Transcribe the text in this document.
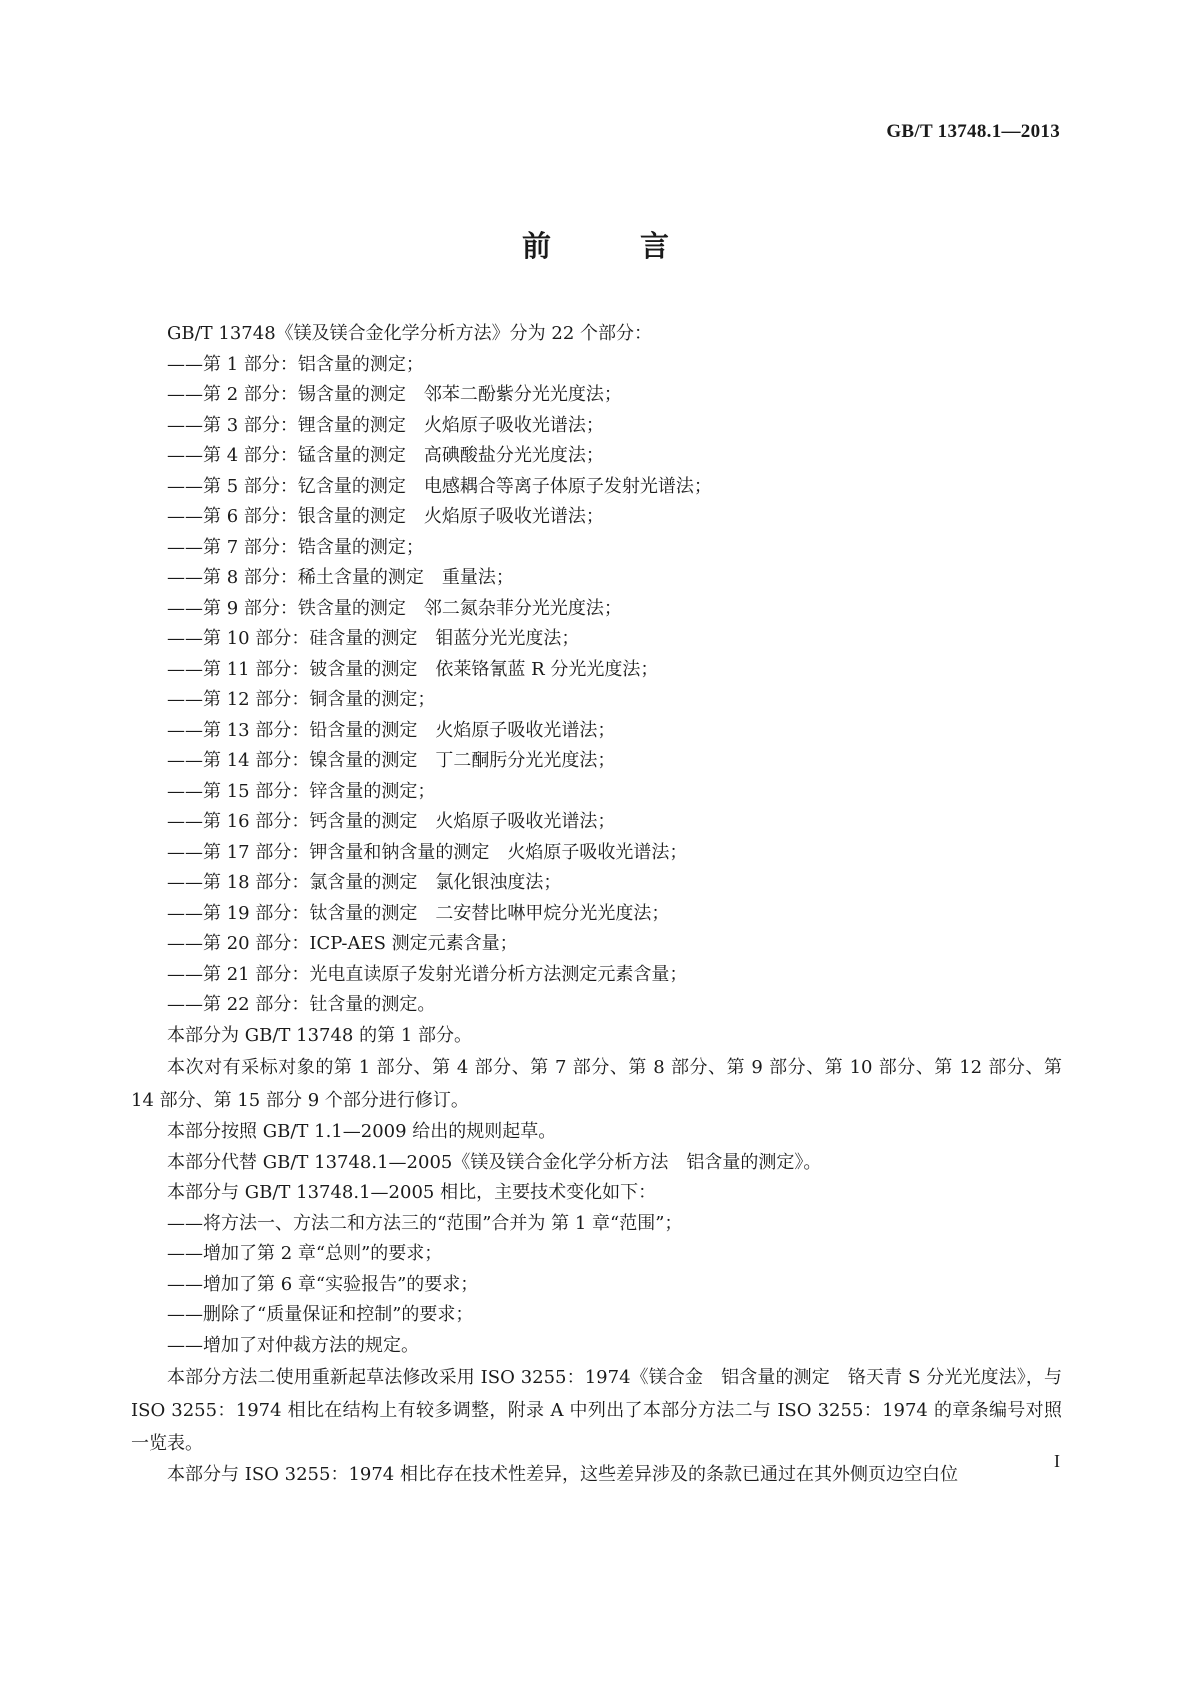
GB/T 13748.1—2013
前　言

GB/T 13748《镁及镁合金化学分析方法》分为 22 个部分：

——第 1 部分：铝含量的测定；

——第 2 部分：锡含量的测定　邻苯二酚紫分光光度法；

——第 3 部分：锂含量的测定　火焰原子吸收光谱法；

——第 4 部分：锰含量的测定　高碘酸盐分光光度法；

——第 5 部分：钇含量的测定　电感耦合等离子体原子发射光谱法；

——第 6 部分：银含量的测定　火焰原子吸收光谱法；

——第 7 部分：锆含量的测定；

——第 8 部分：稀土含量的测定　重量法；

——第 9 部分：铁含量的测定　邻二氮杂菲分光光度法；

——第 10 部分：硅含量的测定　钼蓝分光光度法；

——第 11 部分：铍含量的测定　依莱铬氰蓝 R 分光光度法；

——第 12 部分：铜含量的测定；

——第 13 部分：铅含量的测定　火焰原子吸收光谱法；

——第 14 部分：镍含量的测定　丁二酮肟分光光度法；

——第 15 部分：锌含量的测定；

——第 16 部分：钙含量的测定　火焰原子吸收光谱法；

——第 17 部分：钾含量和钠含量的测定　火焰原子吸收光谱法；

——第 18 部分：氯含量的测定　氯化银浊度法；

——第 19 部分：钛含量的测定　二安替比啉甲烷分光光度法；

——第 20 部分：ICP-AES 测定元素含量；

——第 21 部分：光电直读原子发射光谱分析方法测定元素含量；

——第 22 部分：钍含量的测定。

本部分为 GB/T 13748 的第 1 部分。

本次对有采标对象的第 1 部分、第 4 部分、第 7 部分、第 8 部分、第 9 部分、第 10 部分、第 12 部分、第 14 部分、第 15 部分 9 个部分进行修订。

本部分按照 GB/T 1.1—2009 给出的规则起草。

本部分代替 GB/T 13748.1—2005《镁及镁合金化学分析方法　铝含量的测定》。

本部分与 GB/T 13748.1—2005 相比，主要技术变化如下：

——将方法一、方法二和方法三的“范围”合并为 第 1 章“范围”；

——增加了第 2 章“总则”的要求；

——增加了第 6 章“实验报告”的要求；

——删除了“质量保证和控制”的要求；

——增加了对仲裁方法的规定。

本部分方法二使用重新起草法修改采用 ISO 3255：1974《镁合金　铝含量的测定　铬天青 S 分光光度法》，与 ISO 3255：1974 相比在结构上有较多调整，附录 A 中列出了本部分方法二与 ISO 3255：1974 的章条编号对照一览表。

本部分与 ISO 3255：1974 相比存在技术性差异，这些差异涉及的条款已通过在其外侧页边空白位

I
